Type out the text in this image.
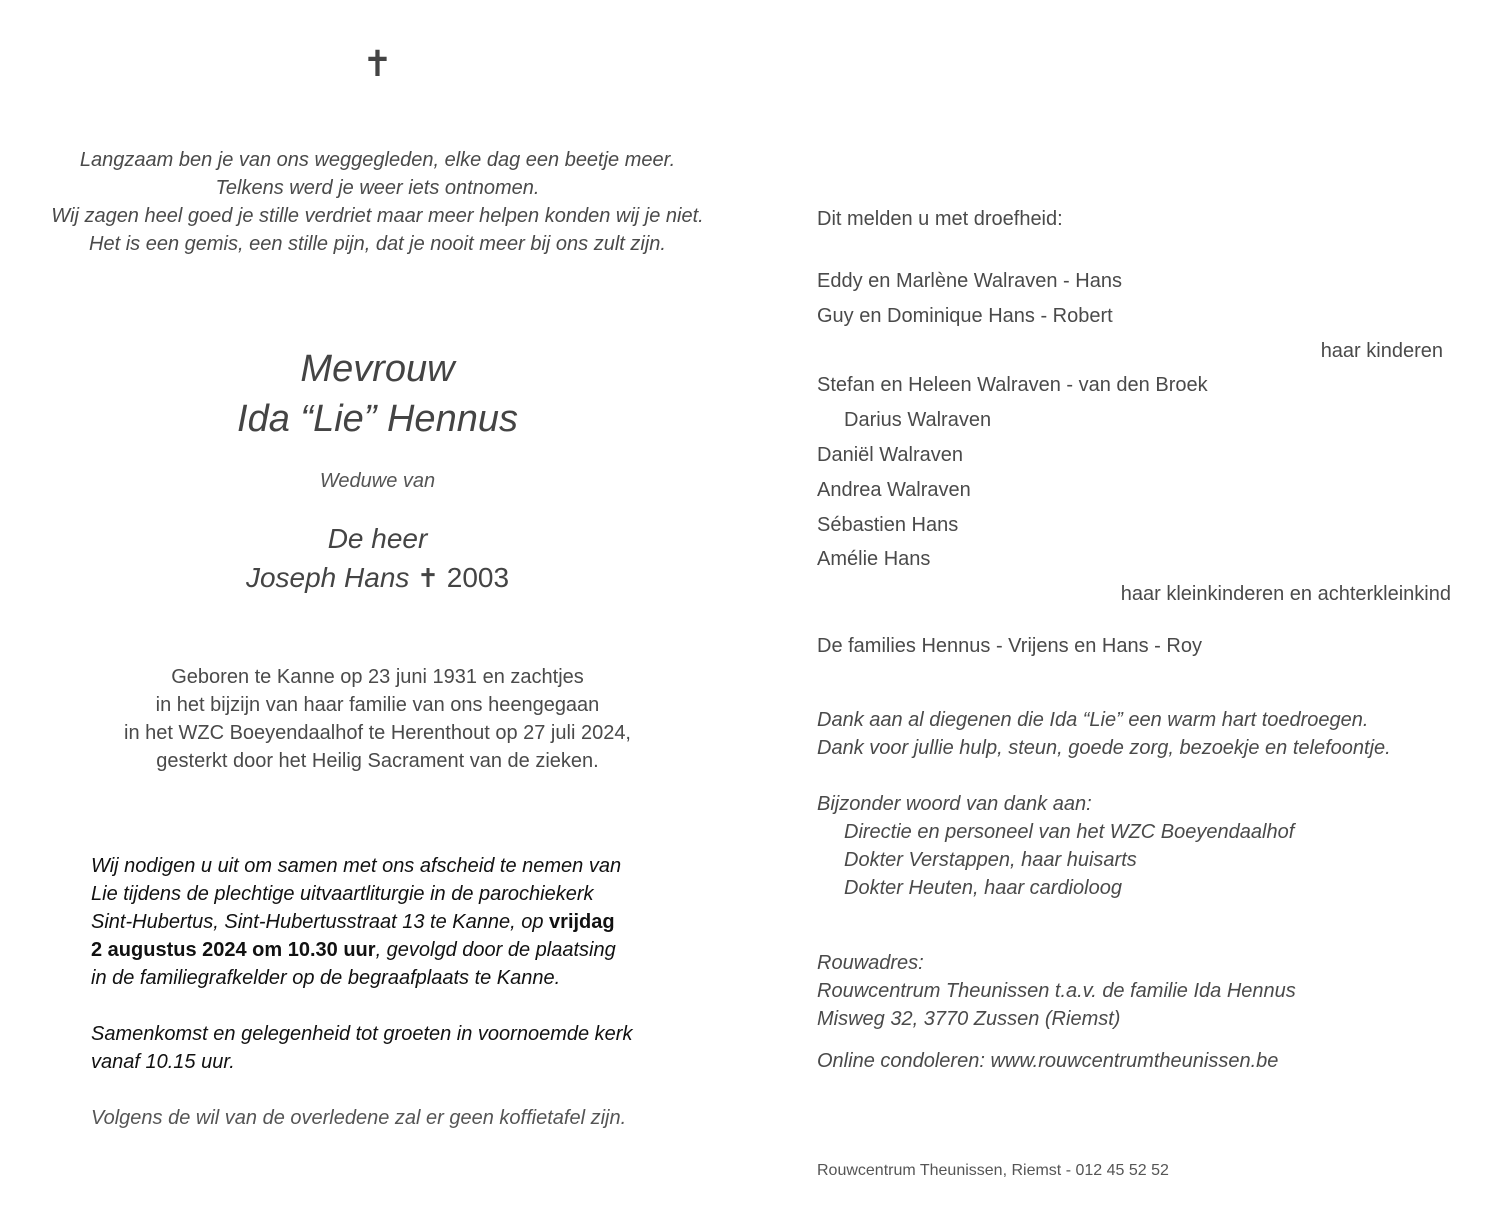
✝
Langzaam ben je van ons weggegleden, elke dag een beetje meer.
Telkens werd je weer iets ontnomen.
Wij zagen heel goed je stille verdriet maar meer helpen konden wij je niet.
Het is een gemis, een stille pijn, dat je nooit meer bij ons zult zijn.
Mevrouw
Ida “Lie” Hennus
Weduwe van
De heer
Joseph Hans ✝ 2003
Geboren te Kanne op 23 juni 1931 en zachtjes
in het bijzijn van haar familie van ons heengegaan
in het WZC Boeyendaalhof te Herenthout op 27 juli 2024,
gesterkt door het Heilig Sacrament van de zieken.
Wij nodigen u uit om samen met ons afscheid te nemen van
Lie tijdens de plechtige uitvaartliturgie in de parochiekerk
Sint-Hubertus, Sint-Hubertusstraat 13 te Kanne, op vrijdag
2 augustus 2024 om 10.30 uur, gevolgd door de plaatsing
in de familiegrafkelder op de begraafplaats te Kanne.
Samenkomst en gelegenheid tot groeten in voornoemde kerk
vanaf 10.15 uur.
Volgens de wil van de overledene zal er geen koffietafel zijn.
Dit melden u met droefheid:
Eddy en Marlène Walraven - Hans
Guy en Dominique Hans - Robert
haar kinderen
Stefan en Heleen Walraven - van den Broek
Darius Walraven
Daniël Walraven
Andrea Walraven
Sébastien Hans
Amélie Hans
haar kleinkinderen en achterkleinkind
De families Hennus - Vrijens en Hans - Roy
Dank aan al diegenen die Ida “Lie” een warm hart toedroegen.
Dank voor jullie hulp, steun, goede zorg, bezoekje en telefoontje.
Bijzonder woord van dank aan:
Directie en personeel van het WZC Boeyendaalhof
Dokter Verstappen, haar huisarts
Dokter Heuten, haar cardioloog
Rouwadres:
Rouwcentrum Theunissen t.a.v. de familie Ida Hennus
Misweg 32, 3770 Zussen (Riemst)
Online condoleren: www.rouwcentrumtheunissen.be
Rouwcentrum Theunissen, Riemst - 012 45 52 52
